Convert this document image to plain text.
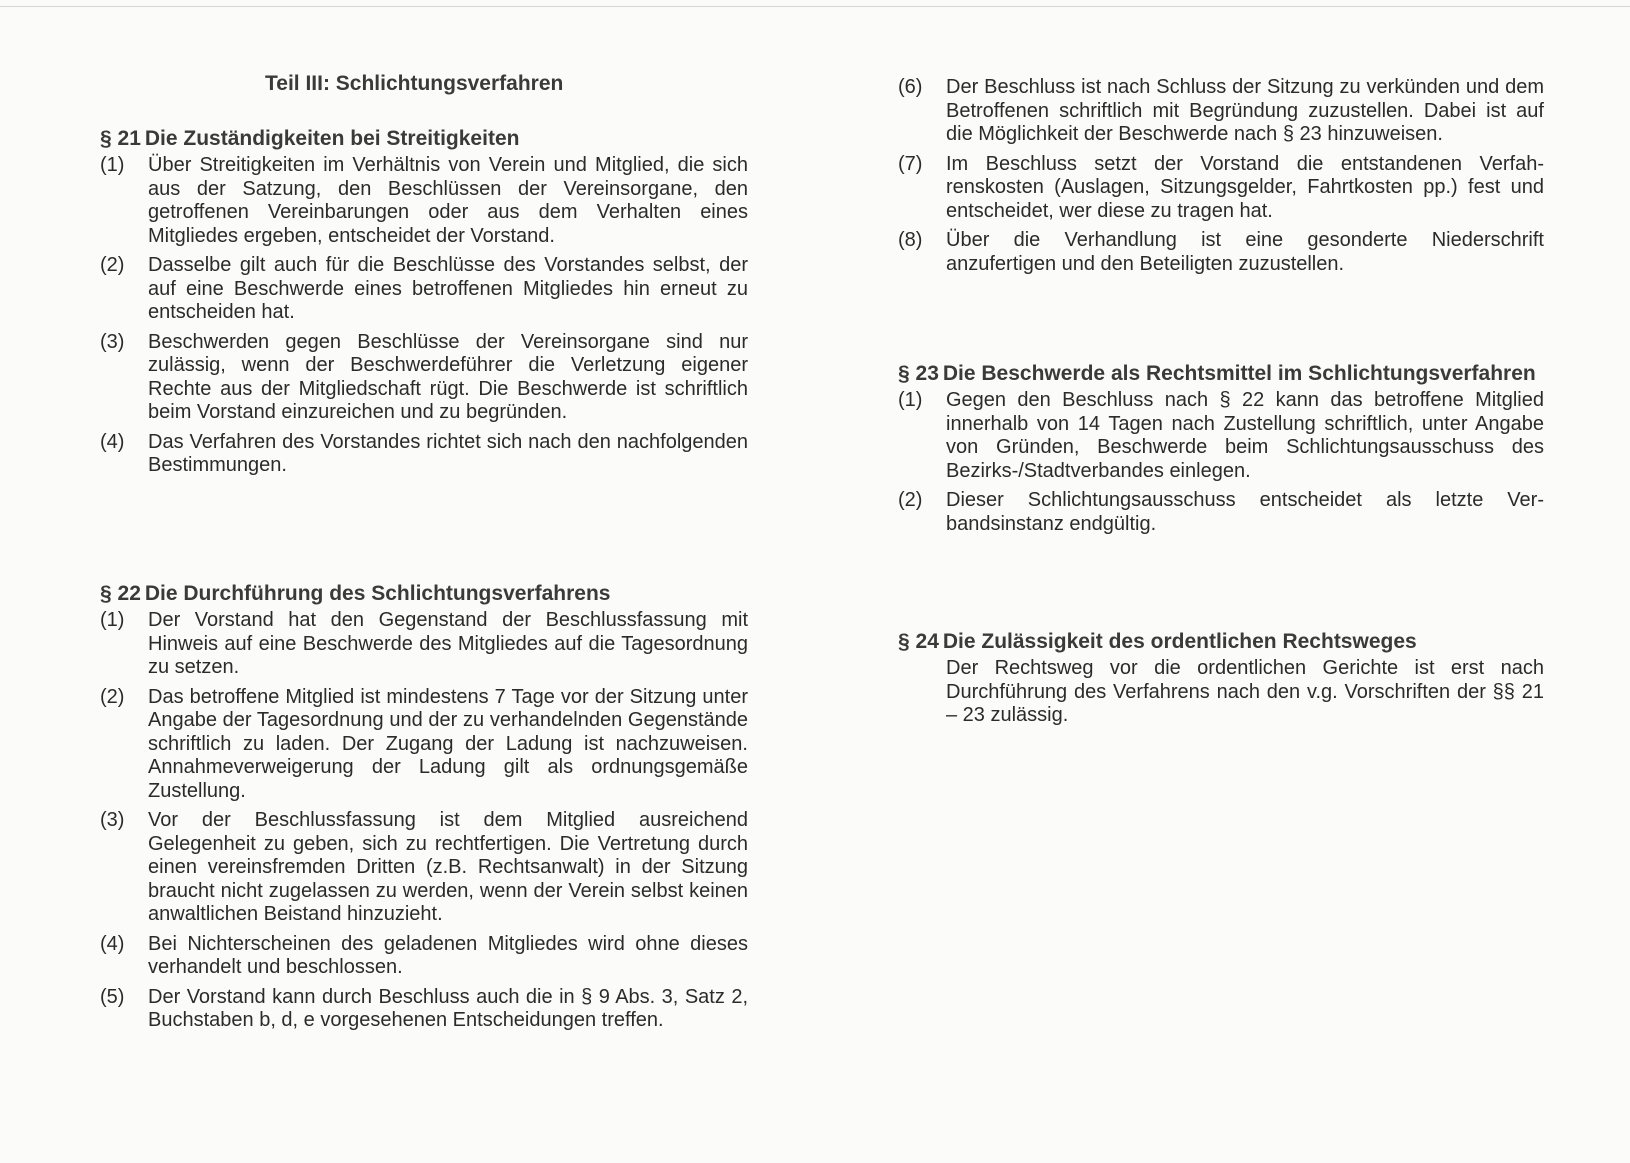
Teil III: Schlichtungsverfahren
§ 21 Die Zuständigkeiten bei Streitigkeiten
(1)	Über Streitigkeiten im Verhältnis von Verein und Mitglied, die sich aus der Satzung, den Beschlüssen der Vereinsorgane, den getroffenen Vereinbarungen oder aus dem Verhalten eines Mitgliedes ergeben, entscheidet der Vorstand.
(2)	Dasselbe gilt auch für die Beschlüsse des Vorstandes selbst, der auf eine Beschwerde eines betroffenen Mitgliedes hin erneut zu entscheiden hat.
(3)	Beschwerden gegen Beschlüsse der Vereinsorgane sind nur zulässig, wenn der Beschwerdeführer die Verletzung eigener Rechte aus der Mitgliedschaft rügt. Die Beschwerde ist schriftlich beim Vorstand einzureichen und zu begründen.
(4)	Das Verfahren des Vorstandes richtet sich nach den nachfolgenden Bestimmungen.
§ 22 Die Durchführung des Schlichtungsverfahrens
(1)	Der Vorstand hat den Gegenstand der Beschlussfassung mit Hinweis auf eine Beschwerde des Mitgliedes auf die Tagesordnung zu setzen.
(2)	Das betroffene Mitglied ist mindestens 7 Tage vor der Sitzung unter Angabe der Tagesordnung und der zu verhandelnden Gegenstände schriftlich zu laden. Der Zugang der Ladung ist nachzuweisen. Annahmeverweigerung der Ladung gilt als ordnungsgemäße Zustellung.
(3)	Vor der Beschlussfassung ist dem Mitglied ausreichend Gelegenheit zu geben, sich zu rechtfertigen. Die Vertretung durch einen vereinsfremden Dritten (z.B. Rechtsanwalt) in der Sitzung braucht nicht zugelassen zu werden, wenn der Verein selbst keinen anwaltlichen Beistand hinzuzieht.
(4)	Bei Nichterscheinen des geladenen Mitgliedes wird ohne dieses verhandelt und beschlossen.
(5)	Der Vorstand kann durch Beschluss auch die in § 9 Abs. 3, Satz 2, Buchstaben b, d, e vorgesehenen Entscheidungen treffen.
(6)	Der Beschluss ist nach Schluss der Sitzung zu verkünden und dem Betroffenen schriftlich mit Begründung zuzustellen. Dabei ist auf die Möglichkeit der Beschwerde nach § 23 hinzuweisen.
(7)	Im Beschluss setzt der Vorstand die entstandenen Verfahrenskosten (Auslagen, Sitzungsgelder, Fahrtkosten pp.) fest und entscheidet, wer diese zu tragen hat.
(8)	Über die Verhandlung ist eine gesonderte Niederschrift anzufertigen und den Beteiligten zuzustellen.
§ 23 Die Beschwerde als Rechtsmittel im Schlichtungsverfahren
(1)	Gegen den Beschluss nach § 22 kann das betroffene Mitglied innerhalb von 14 Tagen nach Zustellung schriftlich, unter Angabe von Gründen, Beschwerde beim Schlichtungsausschuss des Bezirks-/Stadtverbandes einlegen.
(2)	Dieser Schlichtungsausschuss entscheidet als letzte Verbandsinstanz endgültig.
§ 24 Die Zulässigkeit des ordentlichen Rechtsweges
Der Rechtsweg vor die ordentlichen Gerichte ist erst nach Durchführung des Verfahrens nach den v.g. Vorschriften der §§ 21 – 23 zulässig.
